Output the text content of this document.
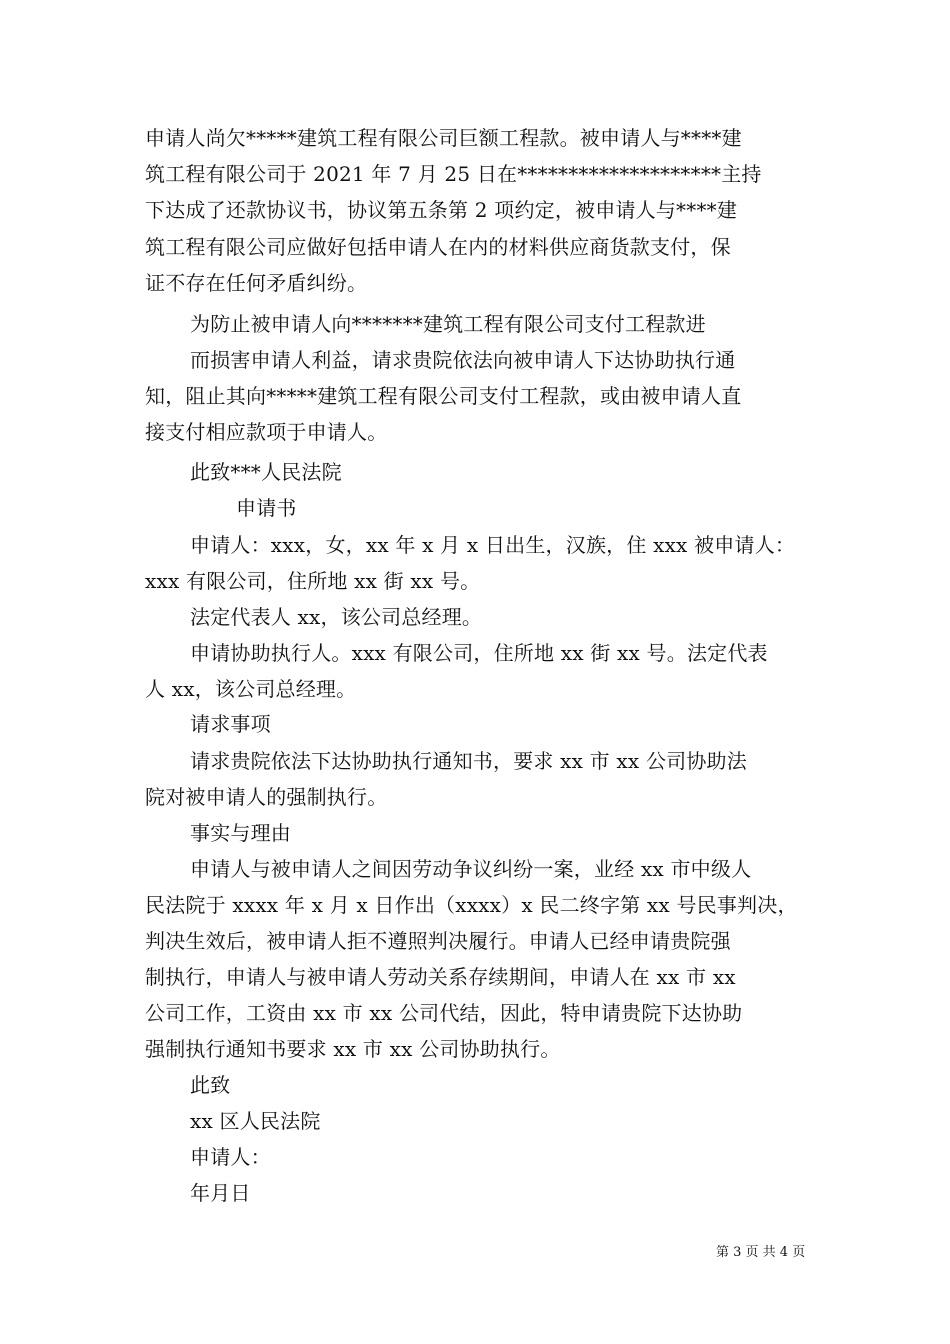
申请人尚欠*****建筑工程有限公司巨额工程款。被申请人与****建
筑工程有限公司于 2021 年 7 月 25 日在********************主持
下达成了还款协议书，协议第五条第 2 项约定，被申请人与****建
筑工程有限公司应做好包括申请人在内的材料供应商货款支付，保
证不存在任何矛盾纠纷。
为防止被申请人向*******建筑工程有限公司支付工程款进
而损害申请人利益，请求贵院依法向被申请人下达协助执行通
知，阻止其向*****建筑工程有限公司支付工程款，或由被申请人直
接支付相应款项于申请人。
此致***人民法院
申请书
申请人：xxx，女，xx 年 x 月 x 日出生，汉族，住 xxx 被申请人：
xxx 有限公司，住所地 xx 街 xx 号。
法定代表人 xx，该公司总经理。
申请协助执行人。xxx 有限公司，住所地 xx 街 xx 号。法定代表
人 xx，该公司总经理。
请求事项
请求贵院依法下达协助执行通知书，要求 xx 市 xx 公司协助法
院对被申请人的强制执行。
事实与理由
申请人与被申请人之间因劳动争议纠纷一案，业经 xx 市中级人
民法院于 xxxx 年 x 月 x 日作出（xxxx）x 民二终字第 xx 号民事判决，
判决生效后，被申请人拒不遵照判决履行。申请人已经申请贵院强
制执行，申请人与被申请人劳动关系存续期间，申请人在 xx 市 xx
公司工作，工资由 xx 市 xx 公司代结，因此，特申请贵院下达协助
强制执行通知书要求 xx 市 xx 公司协助执行。
此致
xx 区人民法院
申请人：
年月日
第 3 页 共 4 页
